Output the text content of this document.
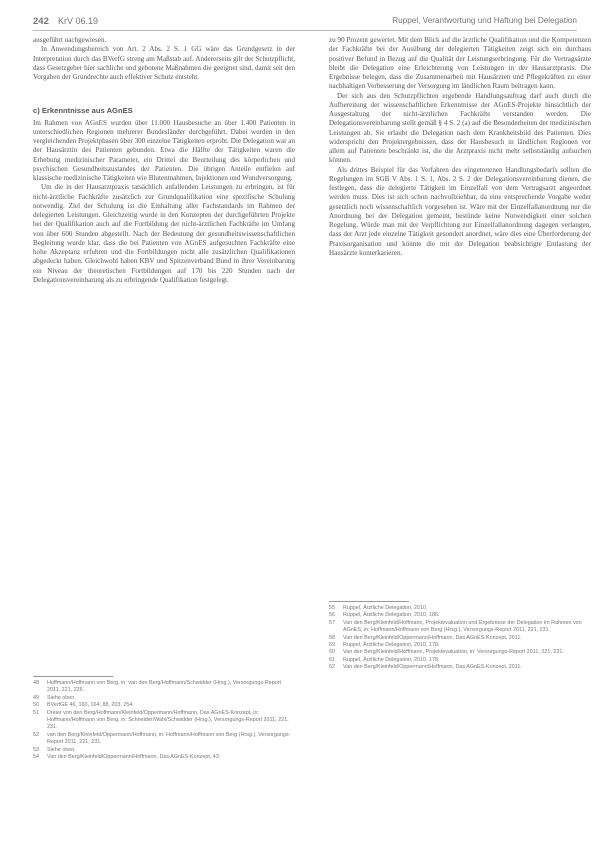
242 KrV 06.19	Ruppel, Verantwortung und Haftung bei Delegation

ausgeführt nachgewiesen.

In Anwendungsbereich von Art. 2 Abs. 2 S. 1 GG wäre das Grundgesetz in der Interpretation durch das BVerfG streng am Maßstab auf. Andererseits gilt der Schutzpflicht, dass Gesetzgeber hier sachliche und gebotene Maßnahmen die geeignet sind, damit seit den Vorgaben der Grundrechte auch effektiver Schutz entsteht.

c) Erkenntnisse aus AGnES

Im Rahmen von AGnES wurden über 11.000 Hausbesuche an über 1.400 Patienten in unterschiedlichen Regionen mehrerer Bundesländer durchgeführt. Dabei wurden in den vergleichenden Projektphasen über 300 einzelne Tätigkeiten erprobt. Die Delegation war an der Hausärztin des Patienten gebunden. Etwa die Hälfte der Tätigkeiten waren die Erhebung medizinischer Parameter, ein Drittel die Beurteilung des körperlichen und psychischen Gesundheitszustandes der Patienten. Die übrigen Anteile entfielen auf klassische medizinische Tätigkeiten wie Blutentnahmen, Injektionen und Wundversorgung.

Um die in der Hausarztpraxis tatsächlich anfallenden Leistungen zu erbringen, ist für nicht-ärztliche Fachkräfte zusätzlich zur Grundqualifikation eine spezifische Schulung notwendig. Ziel der Schulung ist die Einhaltung aller Fachstandards im Rahmen der delegierten Leistungen. Gleichzeitig wurde in den Konzepten der durchgeführten Projekte bei der Qualifikation auch auf die Fortbildung der nicht-ärztlichen Fachkräfte im Umfang von über 600 Stunden abgestellt. Nach der Bedeutung der gesundheitswissenschaftlichen Begleitung wurde klar, dass die bei Patienten von AGnES aufgesuchten Fachkräfte eine hohe Akzeptanz erfuhren und die Fortbildungen nicht alle zusätzlichen Qualifikationen abgedeckt haben. Gleichwohl haben KBV und Spitzenverband Bund in ihrer Vereinbarung ein Niveau der theoretischen Fortbildungen auf 170 bis 220 Stunden nach der Delegationsvereinbarung als zu erbringende Qualifikation festgelegt.

48	Hoffmann/Hoffmann von Berg, in: van den Berg/Hoffmann/Schwidder (Hrsg.), Versorgungs-Report 2011, 221, 226.
49	Siehe oben.
50	BVerfGE 46, 160, 164; 88, 203, 254.
51	Dreier von den Berg/Hoffmann/Kleinfeld/Oppermann/Hoffmann, Das AGnES-Konzept, in: Hoffmann/Hoffmann von Berg, in: Schneider/Wahl/Schwidder (Hrsg.), Versorgungs-Report 2011, 221, 231.
52	van den Berg/Kleinfeld/Oppermann/Hoffmann, in: Hoffmann/Hoffmann von Berg (Hrsg.), Versorgungs-Report 2011, 221, 231.
53	Siehe oben.
54	Van den Berg/Kleinfeld/Oppermann/Hoffmann, Das AGnES-Konzept, 43.

zu 90 Prozent gewertet. Mit dem Blick auf die ärztliche Qualifikation und die Kompetenzen der Fachkräfte bei der Ausübung der delegierten Tätigkeiten zeigt sich ein durchaus positiver Befund in Bezug auf die Qualität der Leistungserbringung. Für die Vertragsärzte bleibt die Delegation eine Erleichterung von Leistungen in der Hausarztpraxis. Die Ergebnisse belegen, dass die Zusammenarbeit mit Hausärzten und Pflegekräften zu einer nachhaltigen Verbesserung der Versorgung im ländlichen Raum beitragen kann.

Der sich aus den Schutzpflichten ergebende Handlungsauftrag darf auch durch die Aufbereitung der wissenschaftlichen Erkenntnisse der AGnES-Projekte hinsichtlich der Ausgestaltung der nicht-ärztlichen Fachkräfte verstanden werden. Die Delegationsvereinbarung stellt gemäß § 4 S. 2 (a) auf die Besonderheiten der medizinischen Leistungen ab. Sie erlaubt die Delegation nach dem Krankheitsbild des Patienten. Dies widerspricht den Projektergebnissen, dass der Hausbesuch in ländlichen Regionen vor allem auf Patienten beschränkt ist, die die Arztpraxis nicht mehr selbstständig aufsuchen können.

Als drittes Beispiel für das Verfahren des eingetretenen Handlungsbedarfs sollten die Regelungen im SGB V Abs. 1 S. 1, Abs. 2 S. 2 der Delegationsvereinbarung dienen, die festlegen, dass die delegierte Tätigkeit im Einzelfall von dem Vertragsarzt angeordnet werden muss. Dies ist sich schon nachvollziehbar, da eine entsprechende Vorgabe weder gesetzlich noch wissenschaftlich vorgesehen ist. Wäre mit der Einzelfallanordnung nur die Anordnung bei der Delegation gemeint, bestünde keine Notwendigkeit einer solchen Regelung. Würde man mit der Verpflichtung zur Einzelfallanordnung dagegen verlangen, dass der Arzt jede einzelne Tätigkeit gesondert anordnet, wäre dies eine Überforderung der Praxisorganisation und könnte die mit der Delegation beabsichtigte Entlastung der Hausärzte konterkarieren.

55	Ruppel, Ärztliche Delegation, 2010.
56	Ruppel, Ärztliche Delegation, 2010, 186.
57	Van den Berg/Kleinfeld/Hoffmann, Projektevaluation und Ergebnisse der Delegation im Rahmen von AGnES, in: Hoffmann/Hoffmann von Berg (Hrsg.), Versorgungs-Report 2011, 221, 231.
58	Van den Berg/Kleinfeld/Oppermann/Hoffmann, Das AGnES-Konzept, 2011.
59	Ruppel, Ärztliche Delegation, 2010, 178.
60	Van den Berg/Kleinfeld/Hoffmann, Projektevaluation, in: Versorgungs-Report 2011, 221, 231.
61	Ruppel, Ärztliche Delegation, 2010, 178.
62	Van den Berg/Kleinfeld/Oppermann/Hoffmann, Das AGnES-Konzept, 2011.
